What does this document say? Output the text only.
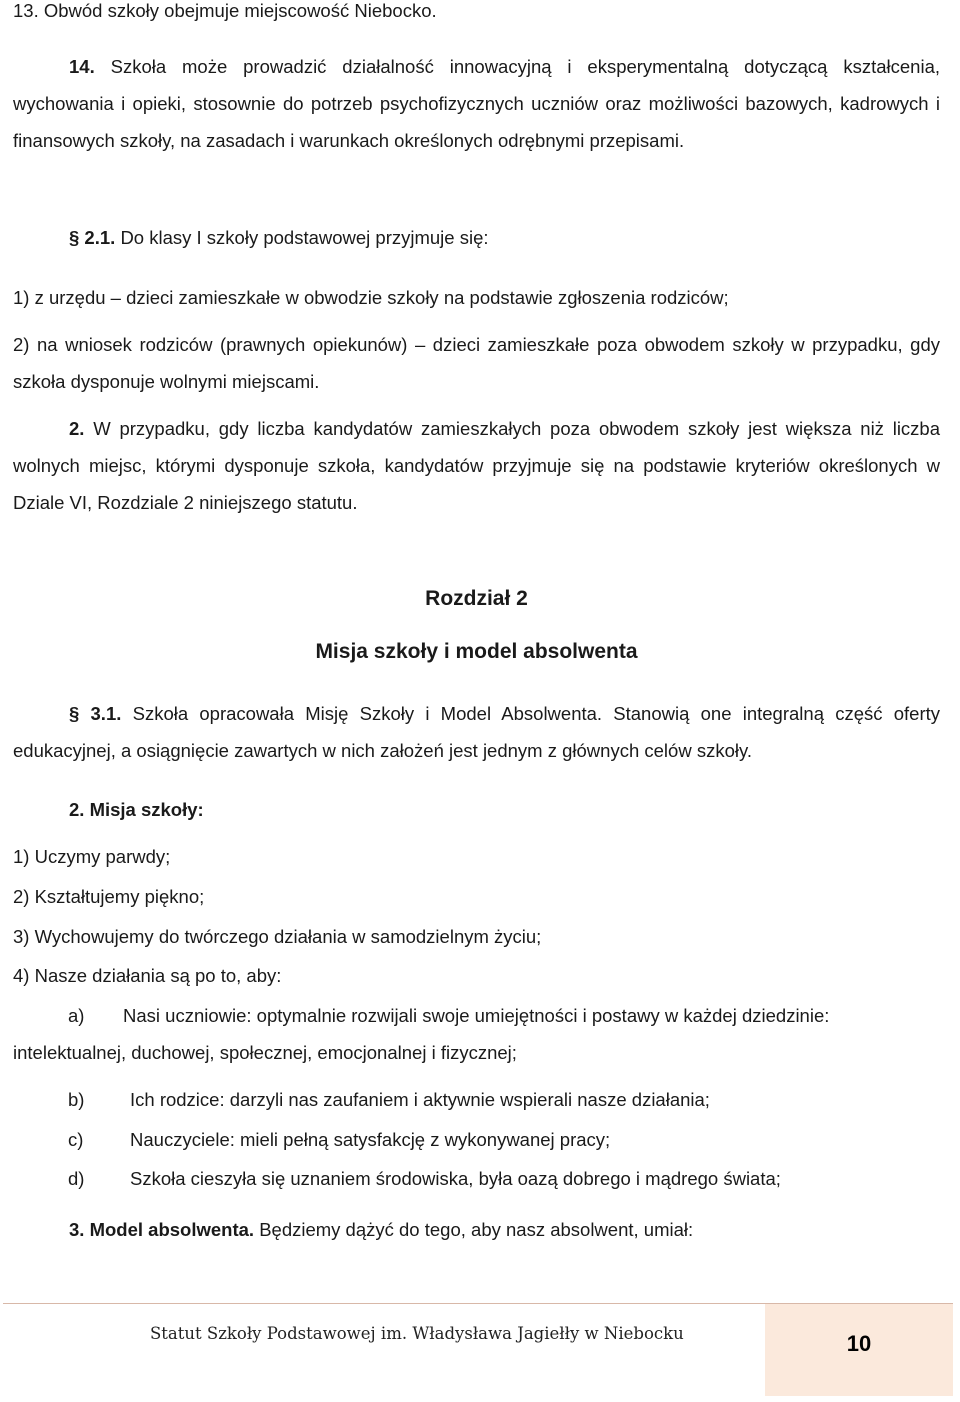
13. Obwód szkoły obejmuje miejscowość Niebocko.

14. Szkoła może prowadzić działalność innowacyjną i eksperymentalną dotyczącą kształcenia, wychowania i opieki, stosownie do potrzeb psychofizycznych uczniów oraz możliwości bazowych, kadrowych i finansowych szkoły, na zasadach i warunkach określonych odrębnymi przepisami.

§ 2.1. Do klasy I szkoły podstawowej przyjmuje się:

1) z urzędu – dzieci zamieszkałe w obwodzie szkoły na podstawie zgłoszenia rodziców;

2) na wniosek rodziców (prawnych opiekunów) – dzieci zamieszkałe poza obwodem szkoły w przypadku, gdy szkoła dysponuje wolnymi miejscami.

2. W przypadku, gdy liczba kandydatów zamieszkałych poza obwodem szkoły jest większa niż liczba wolnych miejsc, którymi dysponuje szkoła, kandydatów przyjmuje się na podstawie kryteriów określonych w Dziale VI, Rozdziale 2 niniejszego statutu.

Rozdział 2

Misja szkoły i model absolwenta

§ 3.1. Szkoła opracowała Misję Szkoły i Model Absolwenta. Stanowią one integralną część oferty edukacyjnej, a osiągnięcie zawartych w nich założeń jest jednym z głównych celów szkoły.

2. Misja szkoły:

1) Uczymy parwdy;

2) Kształtujemy piękno;

3) Wychowujemy do twórczego działania w samodzielnym życiu;

4) Nasze działania są po to, aby:

a) Nasi uczniowie: optymalnie rozwijali swoje umiejętności i postawy w każdej dziedzinie:

intelektualnej, duchowej, społecznej, emocjonalnej i fizycznej;

b) Ich rodzice: darzyli nas zaufaniem i aktywnie wspierali nasze działania;
c)	Nauczyciele: mieli pełną satysfakcję z wykonywanej pracy;
d) Szkoła cieszyła się uznaniem środowiska, była oazą dobrego i mądrego świata;

3. Model absolwenta. Będziemy dążyć do tego, aby nasz absolwent, umiał:

Statut Szkoły Podstawowej im. Władysława Jagiełły w Niebocku	10
